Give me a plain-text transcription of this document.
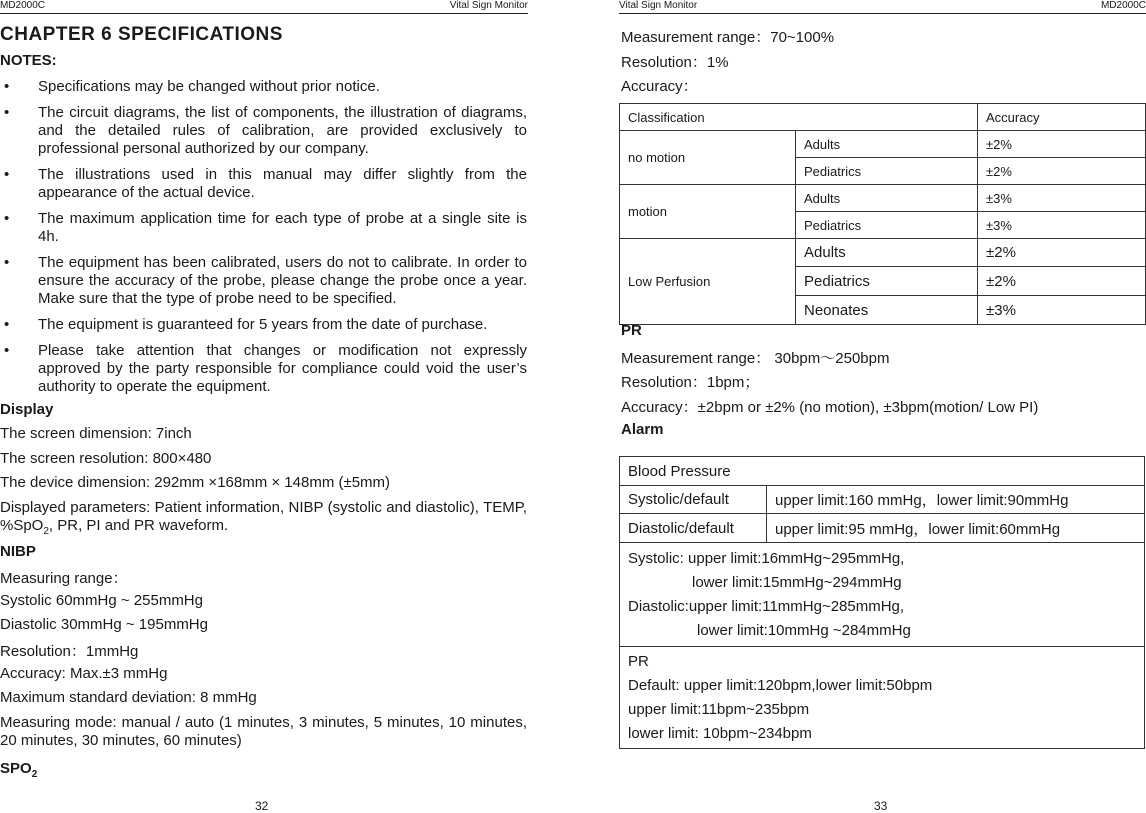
MD2000C	Vital Sign Monitor
CHAPTER 6 SPECIFICATIONS
NOTES:
• Specifications may be changed without prior notice.
• The circuit diagrams, the list of components, the illustration of diagrams, and the detailed rules of calibration, are provided exclusively to professional personal authorized by our company.
• The illustrations used in this manual may differ slightly from the appearance of the actual device.
• The maximum application time for each type of probe at a single site is 4h.
• The equipment has been calibrated, users do not to calibrate. In order to ensure the accuracy of the probe, please change the probe once a year. Make sure that the type of probe need to be specified.
• The equipment is guaranteed for 5 years from the date of purchase.
• Please take attention that changes or modification not expressly approved by the party responsible for compliance could void the user’s authority to operate the equipment.
Display
The screen dimension: 7inch
The screen resolution: 800×480
The device dimension: 292mm ×168mm × 148mm (±5mm)
Displayed parameters: Patient information, NIBP (systolic and diastolic), TEMP, %SpO$_2$, PR, PI and PR waveform.
NIBP
Measuring range：
Systolic 60mmHg ~ 255mmHg
Diastolic 30mmHg ~ 195mmHg
Resolution：1mmHg
Accuracy: Max.±3 mmHg
Maximum standard deviation: 8 mmHg
Measuring mode: manual / auto (1 minutes, 3 minutes, 5 minutes, 10 minutes, 20 minutes, 30 minutes, 60 minutes)
$SPO_2$
32
Vital Sign Monitor	MD2000C
Measurement range：70~100%
Resolution：1%
Accuracy：
Classification		Accuracy
no motion	Adults	±2%
	Pediatrics	±2%
motion	Adults	±3%
	Pediatrics	±3%
Low Perfusion	Adults	±2%
	Pediatrics	±2%
	Neonates	±3%
PR
Measurement range： 30bpm～250bpm
Resolution：1bpm；
Accuracy：±2bpm or ±2% (no motion), ±3bpm(motion/ Low PI)
Alarm
Blood Pressure	
Systolic/default	upper limit:160 mmHg，lower limit:90mmHg
Diastolic/default	upper limit:95 mmHg，lower limit:60mmHg

Systolic: upper limit:16mmHg~295mmHg,
lower limit:15mmHg~294mmHg
Diastolic:upper limit:11mmHg~285mmHg,
lower limit:10mmHg ~284mmHg	

PR
Default: upper limit:120bpm,lower limit:50bpm
upper limit:11bpm~235bpm
lower limit: 10bpm~234bpm	
33
